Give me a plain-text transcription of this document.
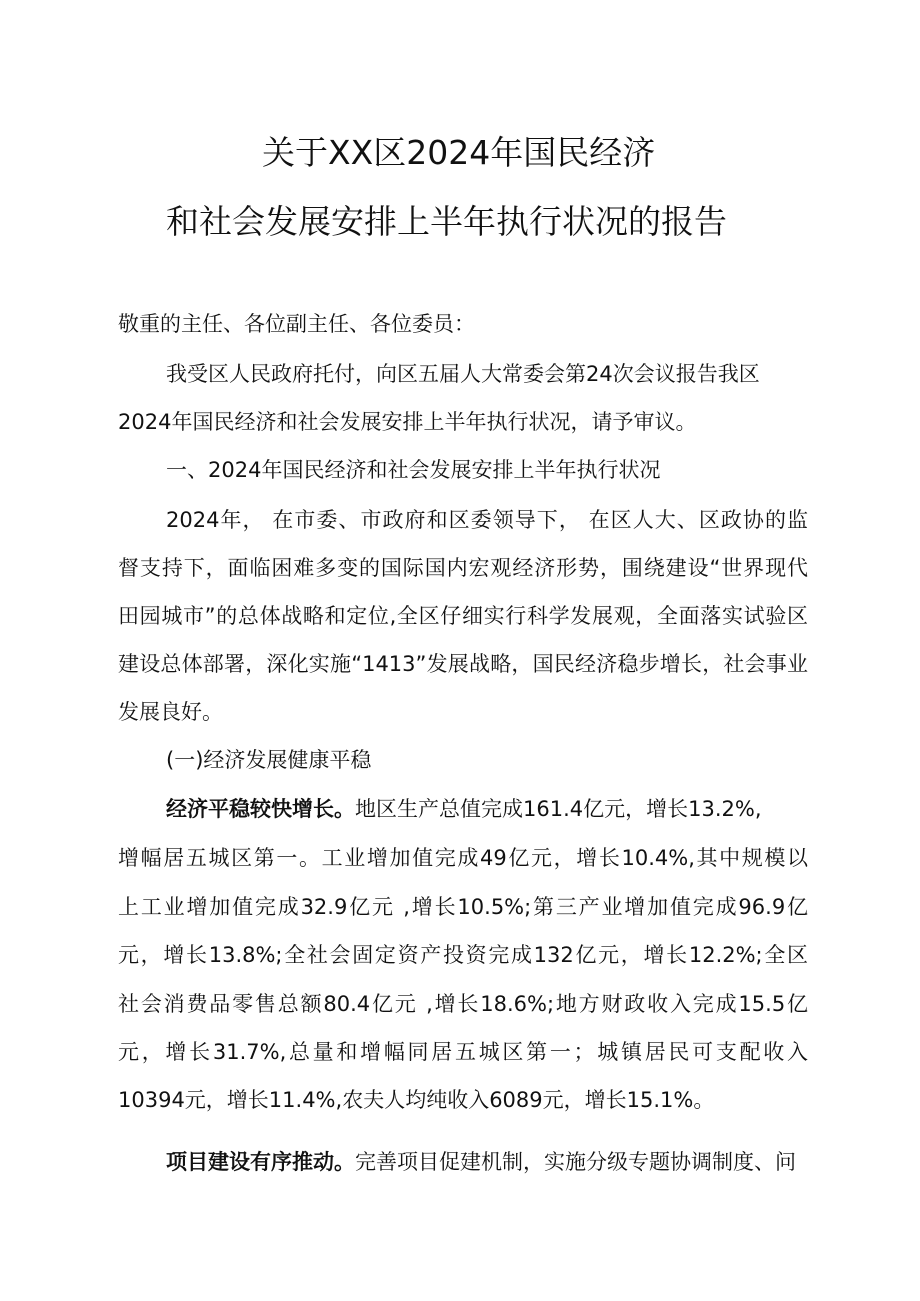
关于XX区2024年国民经济
和社会发展安排上半年执行状况的报告
敬重的主任、各位副主任、各位委员：
我受区人民政府托付，向区五届人大常委会第24次会议报告我区
2024年国民经济和社会发展安排上半年执行状况，请予审议。
一、2024年国民经济和社会发展安排上半年执行状况
2024年， 在市委、市政府和区委领导下， 在区人大、区政协的监
督支持下，面临困难多变的国际国内宏观经济形势，围绕建设“世界现代
田园城市”的总体战略和定位,全区仔细实行科学发展观，全面落实试验区
建设总体部署，深化实施“1413”发展战略，国民经济稳步增长，社会事业
发展良好。
(一)经济发展健康平稳
经济平稳较快增长。地区生产总值完成161.4亿元，增长13.2%,
增幅居五城区第一。工业增加值完成49亿元，增长10.4%,其中规模以
上工业增加值完成32.9亿元 ,增长10.5%;第三产业增加值完成96.9亿
元，增长13.8%;全社会固定资产投资完成132亿元，增长12.2%;全区
社会消费品零售总额80.4亿元 ,增长18.6%;地方财政收入完成15.5亿
元，增长31.7%,总量和增幅同居五城区第一；城镇居民可支配收入
10394元，增长11.4%,农夫人均纯收入6089元，增长15.1%。
项目建设有序推动。完善项目促建机制，实施分级专题协调制度、问
